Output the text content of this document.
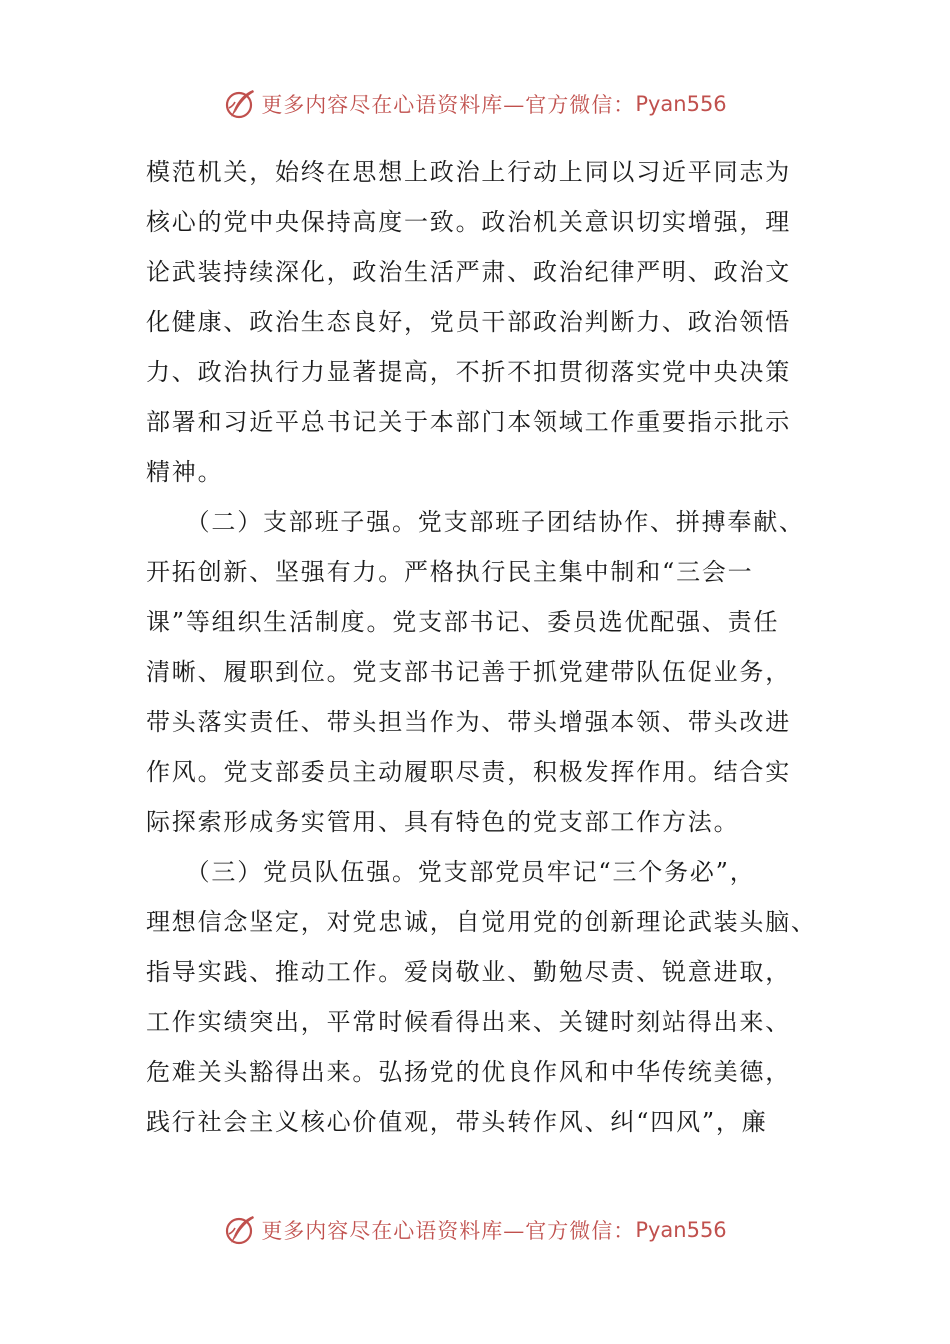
更多内容尽在心语资料库—官方微信： Pyan556
模范机关，始终在思想上政治上行动上同以习近平同志为
核心的党中央保持高度一致。政治机关意识切实增强，理
论武装持续深化，政治生活严肃、政治纪律严明、政治文
化健康、政治生态良好，党员干部政治判断力、政治领悟
力、政治执行力显著提高，不折不扣贯彻落实党中央决策
部署和习近平总书记关于本部门本领域工作重要指示批示
精神。
　　（二）支部班子强。党支部班子团结协作、拼搏奉献、
开拓创新、坚强有力。严格执行民主集中制和“三会一
课”等组织生活制度。党支部书记、委员选优配强、责任
清晰、履职到位。党支部书记善于抓党建带队伍促业务，
带头落实责任、带头担当作为、带头增强本领、带头改进
作风。党支部委员主动履职尽责，积极发挥作用。结合实
际探索形成务实管用、具有特色的党支部工作方法。
　　（三）党员队伍强。党支部党员牢记“三个务必”，
理想信念坚定，对党忠诚，自觉用党的创新理论武装头脑、
指导实践、推动工作。爱岗敬业、勤勉尽责、锐意进取，
工作实绩突出，平常时候看得出来、关键时刻站得出来、
危难关头豁得出来。弘扬党的优良作风和中华传统美德，
践行社会主义核心价值观，带头转作风、纠“四风”，廉
更多内容尽在心语资料库—官方微信： Pyan556
